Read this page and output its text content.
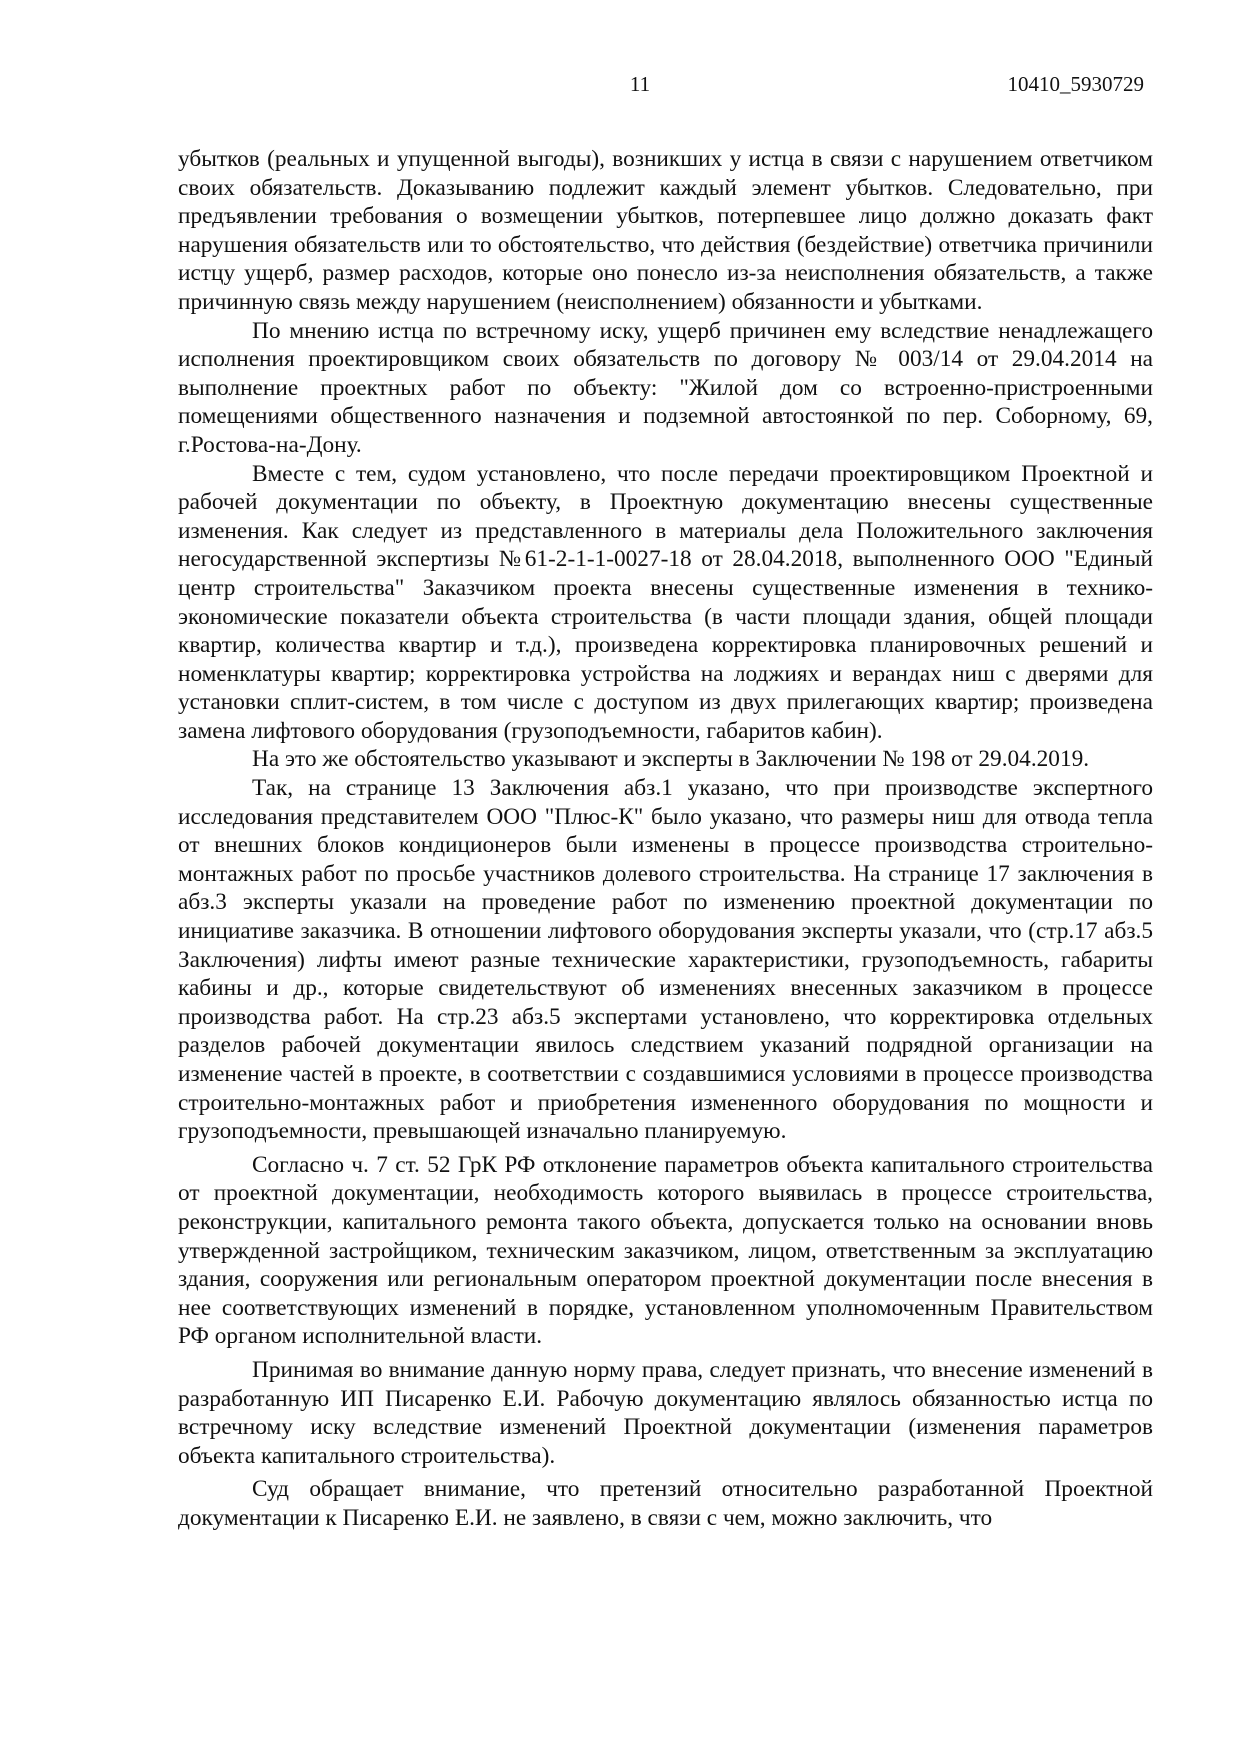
11	10410_5930729

убытков (реальных и упущенной выгоды), возникших у истца в связи с нарушением ответчиком своих обязательств. Доказыванию подлежит каждый элемент убытков. Следовательно, при предъявлении требования о возмещении убытков, потерпевшее лицо должно доказать факт нарушения обязательств или то обстоятельство, что действия (бездействие) ответчика причинили истцу ущерб, размер расходов, которые оно понесло из-за неисполнения обязательств, а также причинную связь между нарушением (неисполнением) обязанности и убытками.

По мнению истца по встречному иску, ущерб причинен ему вследствие ненадлежащего исполнения проектировщиком своих обязательств по договору № 003/14 от 29.04.2014 на выполнение проектных работ по объекту: "Жилой дом со встроенно-пристроенными помещениями общественного назначения и подземной автостоянкой по пер. Соборному, 69, г.Ростова-на-Дону.

Вместе с тем, судом установлено, что после передачи проектировщиком Проектной и рабочей документации по объекту, в Проектную документацию внесены существенные изменения. Как следует из представленного в материалы дела Положительного заключения негосударственной экспертизы №61-2-1-1-0027-18 от 28.04.2018, выполненного ООО "Единый центр строительства" Заказчиком проекта внесены существенные изменения в технико-экономические показатели объекта строительства (в части площади здания, общей площади квартир, количества квартир и т.д.), произведена корректировка планировочных решений и номенклатуры квартир; корректировка устройства на лоджиях и верандах ниш с дверями для установки сплит-систем, в том числе с доступом из двух прилегающих квартир; произведена замена лифтового оборудования (грузоподъемности, габаритов кабин).

На это же обстоятельство указывают и эксперты в Заключении № 198 от 29.04.2019.

Так, на странице 13 Заключения абз.1 указано, что при производстве экспертного исследования представителем ООО "Плюс-К" было указано, что размеры ниш для отвода тепла от внешних блоков кондиционеров были изменены в процессе производства строительно-монтажных работ по просьбе участников долевого строительства. На странице 17 заключения в абз.3 эксперты указали на проведение работ по изменению проектной документации по инициативе заказчика. В отношении лифтового оборудования эксперты указали, что (стр.17 абз.5 Заключения) лифты имеют разные технические характеристики, грузоподъемность, габариты кабины и др., которые свидетельствуют об изменениях внесенных заказчиком в процессе производства работ. На стр.23 абз.5 экспертами установлено, что корректировка отдельных разделов рабочей документации явилось следствием указаний подрядной организации на изменение частей в проекте, в соответствии с создавшимися условиями в процессе производства строительно-монтажных работ и приобретения измененного оборудования по мощности и грузоподъемности, превышающей изначально планируемую.

Согласно ч. 7 ст. 52 ГрК РФ отклонение параметров объекта капитального строительства от проектной документации, необходимость которого выявилась в процессе строительства, реконструкции, капитального ремонта такого объекта, допускается только на основании вновь утвержденной застройщиком, техническим заказчиком, лицом, ответственным за эксплуатацию здания, сооружения или региональным оператором проектной документации после внесения в нее соответствующих изменений в порядке, установленном уполномоченным Правительством РФ органом исполнительной власти.

Принимая во внимание данную норму права, следует признать, что внесение изменений в разработанную ИП Писаренко Е.И. Рабочую документацию являлось обязанностью истца по встречному иску вследствие изменений Проектной документации (изменения параметров объекта капитального строительства).

Суд обращает внимание, что претензий относительно разработанной Проектной документации к Писаренко Е.И. не заявлено, в связи с чем, можно заключить, что
